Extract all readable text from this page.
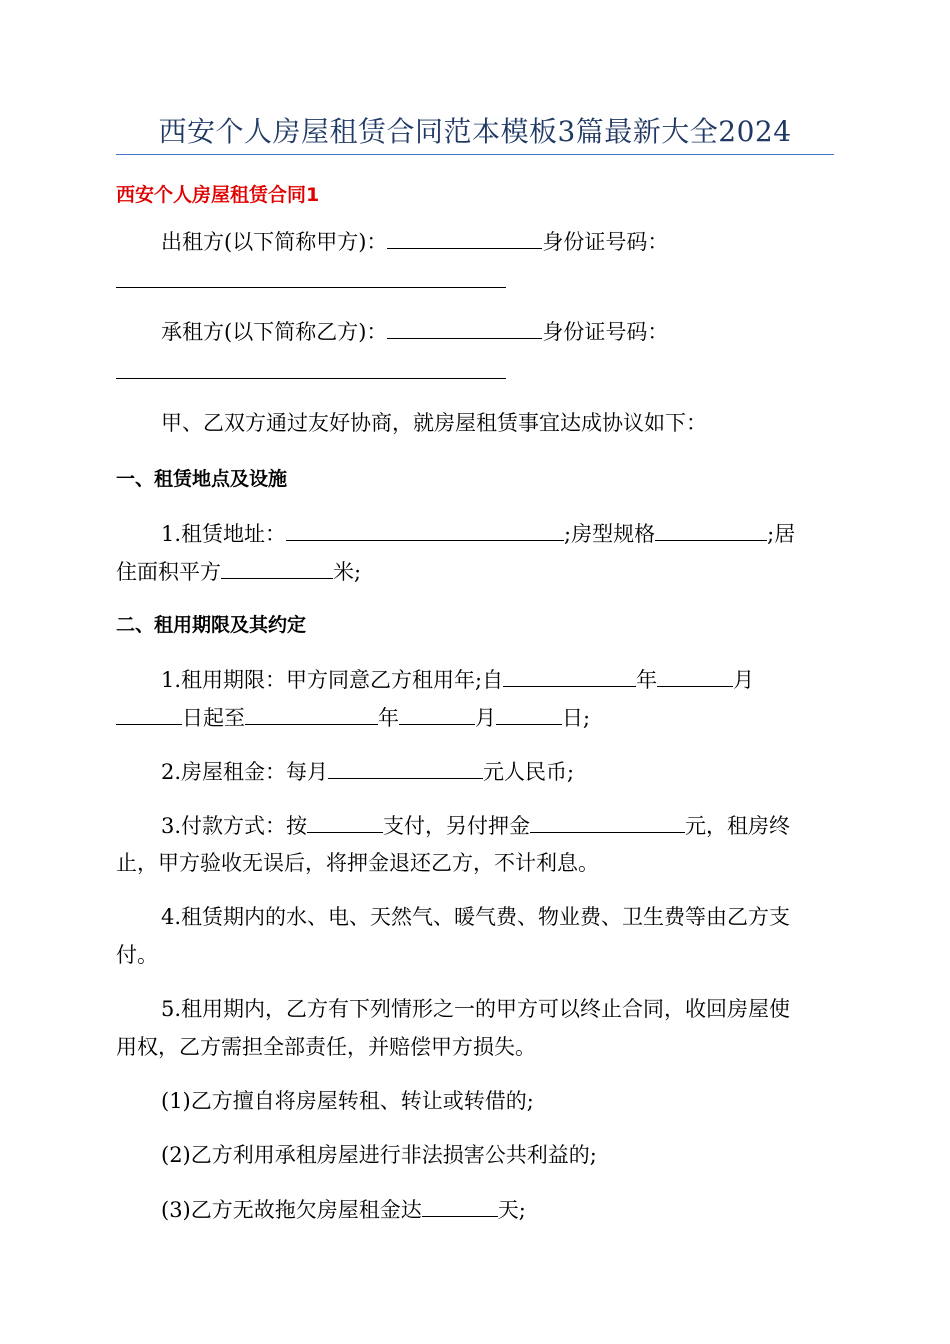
西安个人房屋租赁合同范本模板3篇最新大全2024
西安个人房屋租赁合同1
出租方(以下简称甲方)：	身份证号码：
承租方(以下简称乙方)：	身份证号码：
甲、乙双方通过友好协商，就房屋租赁事宜达成协议如下：
一、租赁地点及设施
1.租赁地址：	;房型规格	;居
住面积平方	米;
二、租用期限及其约定
1.租用期限：甲方同意乙方租用年;自	年	月
日起至	年	月	日;
2.房屋租金：每月	元人民币;
3.付款方式：按	支付，另付押金	元，租房终
止，甲方验收无误后，将押金退还乙方，不计利息。
4.租赁期内的水、电、天然气、暖气费、物业费、卫生费等由乙方支
付。
5.租用期内，乙方有下列情形之一的甲方可以终止合同，收回房屋使
用权，乙方需担全部责任，并赔偿甲方损失。
(1)乙方擅自将房屋转租、转让或转借的;
(2)乙方利用承租房屋进行非法损害公共利益的;
(3)乙方无故拖欠房屋租金达	天;
